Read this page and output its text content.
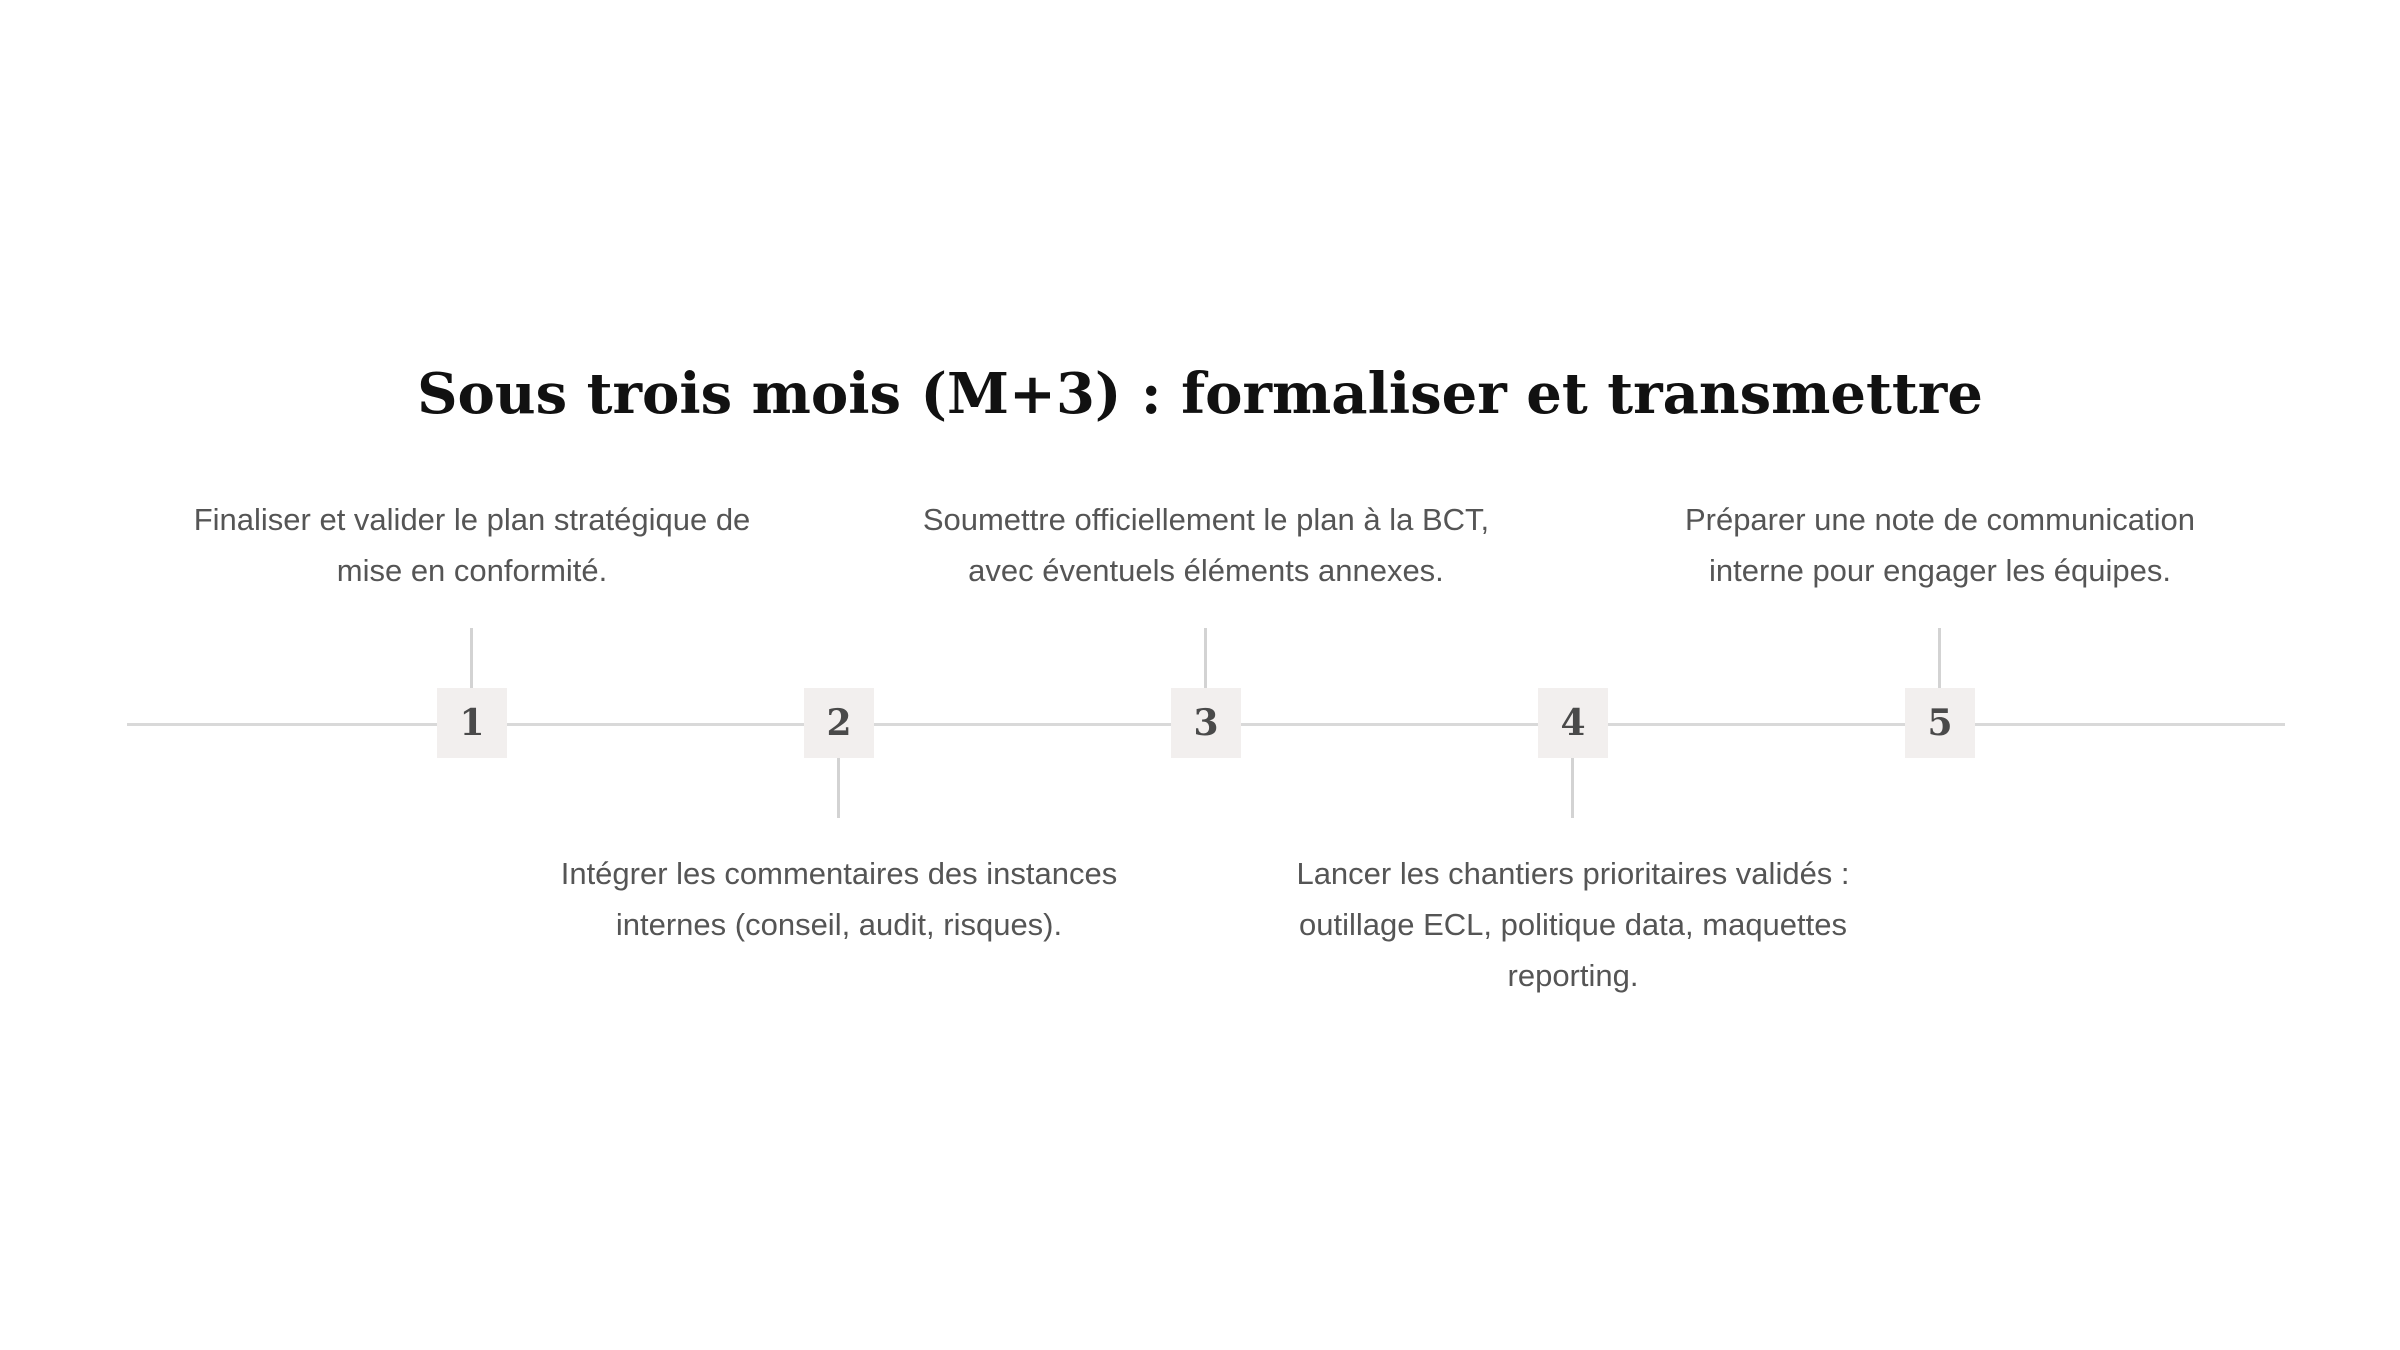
Sous trois mois (M+3) : formaliser et transmettre
Finaliser et valider le plan stratégique de mise en conformité.
1	2
Intégrer les commentaires des instances internes (conseil, audit, risques).
Soumettre officiellement le plan à la BCT, avec éventuels éléments annexes.
3	4
Lancer les chantiers prioritaires validés : outillage ECL, politique data, maquettes reporting.
Préparer une note de communication interne pour engager les équipes.
5
